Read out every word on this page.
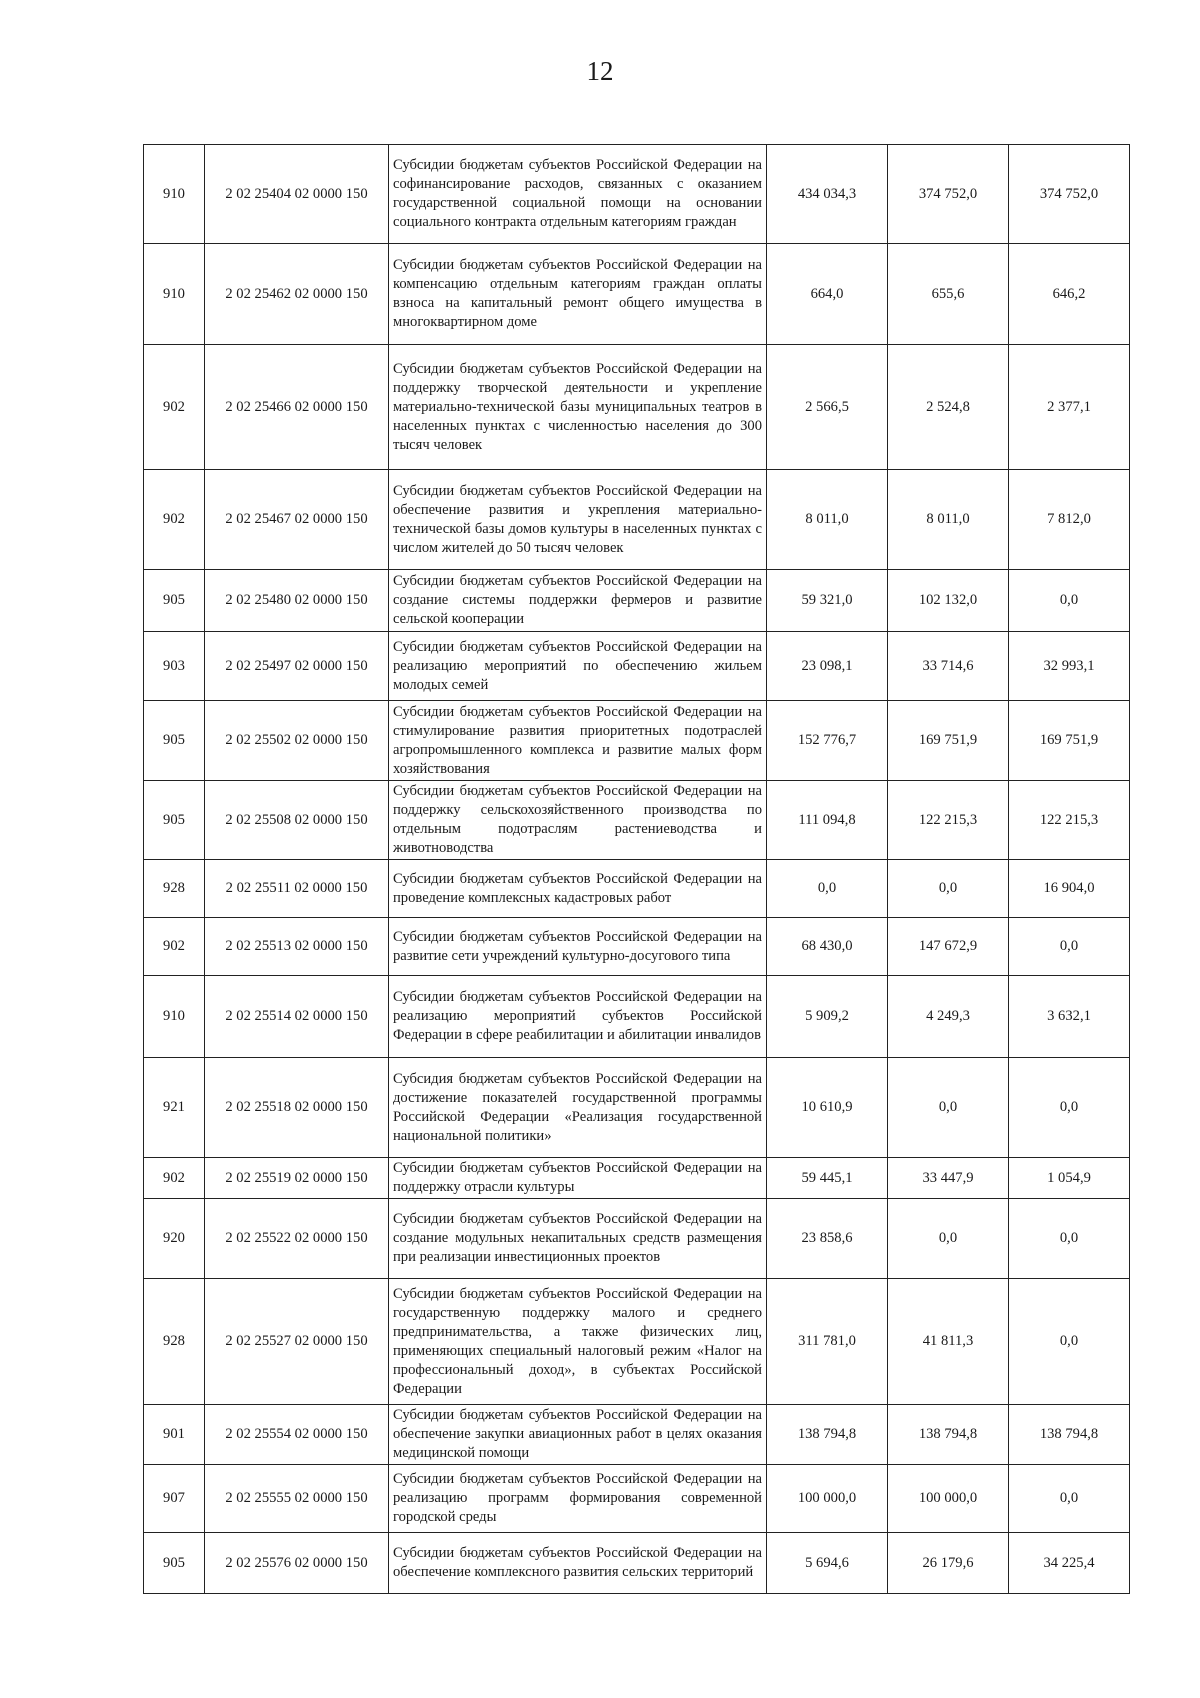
12
910	2 02 25404 02 0000 150	Субсидии бюджетам субъектов Российской Федерации на софинансирование расходов, связанных с оказанием государственной социальной помощи на основании социального контракта отдельным категориям граждан	434 034,3	374 752,0	374 752,0
910	2 02 25462 02 0000 150	Субсидии бюджетам субъектов Российской Федерации на компенсацию отдельным категориям граждан оплаты взноса на капитальный ремонт общего имущества в многоквартирном доме	664,0	655,6	646,2
902	2 02 25466 02 0000 150	Субсидии бюджетам субъектов Российской Федерации на поддержку творческой деятельности и укрепление материально-технической базы муниципальных театров в населенных пунктах с численностью населения до 300 тысяч человек	2 566,5	2 524,8	2 377,1
902	2 02 25467 02 0000 150	Субсидии бюджетам субъектов Российской Федерации на обеспечение развития и укрепления материально-технической базы домов культуры в населенных пунктах с числом жителей до 50 тысяч человек	8 011,0	8 011,0	7 812,0
905	2 02 25480 02 0000 150	Субсидии бюджетам субъектов Российской Федерации на создание системы поддержки фермеров и развитие сельской кооперации	59 321,0	102 132,0	0,0
903	2 02 25497 02 0000 150	Субсидии бюджетам субъектов Российской Федерации на реализацию мероприятий по обеспечению жильем молодых семей	23 098,1	33 714,6	32 993,1
905	2 02 25502 02 0000 150	Субсидии бюджетам субъектов Российской Федерации на стимулирование развития приоритетных подотраслей агропромышленного комплекса и развитие малых форм хозяйствования	152 776,7	169 751,9	169 751,9
905	2 02 25508 02 0000 150	Субсидии бюджетам субъектов Российской Федерации на поддержку сельскохозяйственного производства по отдельным подотраслям растениеводства и животноводства	111 094,8	122 215,3	122 215,3
928	2 02 25511 02 0000 150	Субсидии бюджетам субъектов Российской Федерации на проведение комплексных кадастровых работ	0,0	0,0	16 904,0
902	2 02 25513 02 0000 150	Субсидии бюджетам субъектов Российской Федерации на развитие сети учреждений культурно-досугового типа	68 430,0	147 672,9	0,0
910	2 02 25514 02 0000 150	Субсидии бюджетам субъектов Российской Федерации на реализацию мероприятий субъектов Российской Федерации в сфере реабилитации и абилитации инвалидов	5 909,2	4 249,3	3 632,1
921	2 02 25518 02 0000 150	Субсидия бюджетам субъектов Российской Федерации на достижение показателей государственной программы Российской Федерации «Реализация государственной национальной политики»	10 610,9	0,0	0,0
902	2 02 25519 02 0000 150	Субсидии бюджетам субъектов Российской Федерации на поддержку отрасли культуры	59 445,1	33 447,9	1 054,9
920	2 02 25522 02 0000 150	Субсидии бюджетам субъектов Российской Федерации на создание модульных некапитальных средств размещения при реализации инвестиционных проектов	23 858,6	0,0	0,0
928	2 02 25527 02 0000 150	Субсидии бюджетам субъектов Российской Федерации на государственную поддержку малого и среднего предпринимательства, а также физических лиц, применяющих специальный налоговый режим «Налог на профессиональный доход», в субъектах Российской Федерации	311 781,0	41 811,3	0,0
901	2 02 25554 02 0000 150	Субсидии бюджетам субъектов Российской Федерации на обеспечение закупки авиационных работ в целях оказания медицинской помощи	138 794,8	138 794,8	138 794,8
907	2 02 25555 02 0000 150	Субсидии бюджетам субъектов Российской Федерации на реализацию программ формирования современной городской среды	100 000,0	100 000,0	0,0
905	2 02 25576 02 0000 150	Субсидии бюджетам субъектов Российской Федерации на обеспечение комплексного развития сельских территорий	5 694,6	26 179,6	34 225,4
